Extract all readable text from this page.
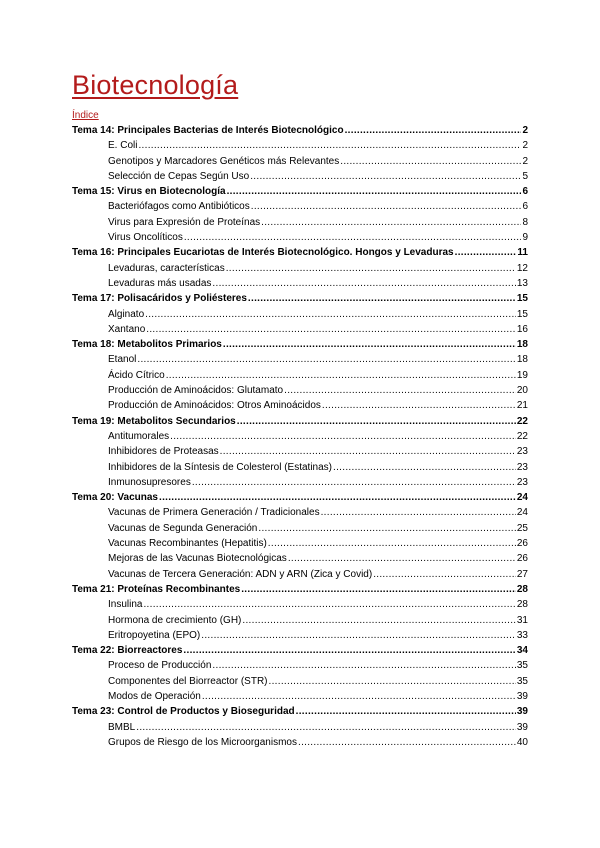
Biotecnología
Índice
Tema 14: Principales Bacterias de Interés Biotecnológico .....	2
E. Coli .....	2
Genotipos y Marcadores Genéticos más Relevantes .....	2
Selección de Cepas Según Uso .....	5
Tema 15: Virus en Biotecnología .....	6
Bacteriófagos como Antibióticos .....	6
Virus para Expresión de Proteínas .....	8
Virus Oncolíticos .....	9
Tema 16: Principales Eucariotas de Interés Biotecnológico. Hongos y Levaduras .....	11
Levaduras, características .....	12
Levaduras más usadas .....	13
Tema 17: Polisacáridos y Poliésteres .....	15
Alginato .....	15
Xantano .....	16
Tema 18: Metabolitos Primarios .....	18
Etanol .....	18
Ácido Cítrico .....	19
Producción de Aminoácidos: Glutamato .....	20
Producción de Aminoácidos: Otros Aminoácidos .....	21
Tema 19: Metabolitos Secundarios .....	22
Antitumorales .....	22
Inhibidores de Proteasas .....	23
Inhibidores de la Síntesis de Colesterol (Estatinas) .....	23
Inmunosupresores .....	23
Tema 20: Vacunas .....	24
Vacunas de Primera Generación / Tradicionales .....	24
Vacunas de Segunda Generación .....	25
Vacunas Recombinantes (Hepatitis) .....	26
Mejoras de las Vacunas Biotecnológicas .....	26
Vacunas de Tercera Generación: ADN y ARN (Zica y Covid) .....	27
Tema 21: Proteínas Recombinantes .....	28
Insulina .....	28
Hormona de crecimiento (GH) .....	31
Eritropoyetina (EPO) .....	33
Tema 22: Biorreactores .....	34
Proceso de Producción .....	35
Componentes del Biorreactor (STR) .....	35
Modos de Operación .....	39
Tema 23: Control de Productos y Bioseguridad .....	39
BMBL .....	39
Grupos de Riesgo de los Microorganismos .....	40
